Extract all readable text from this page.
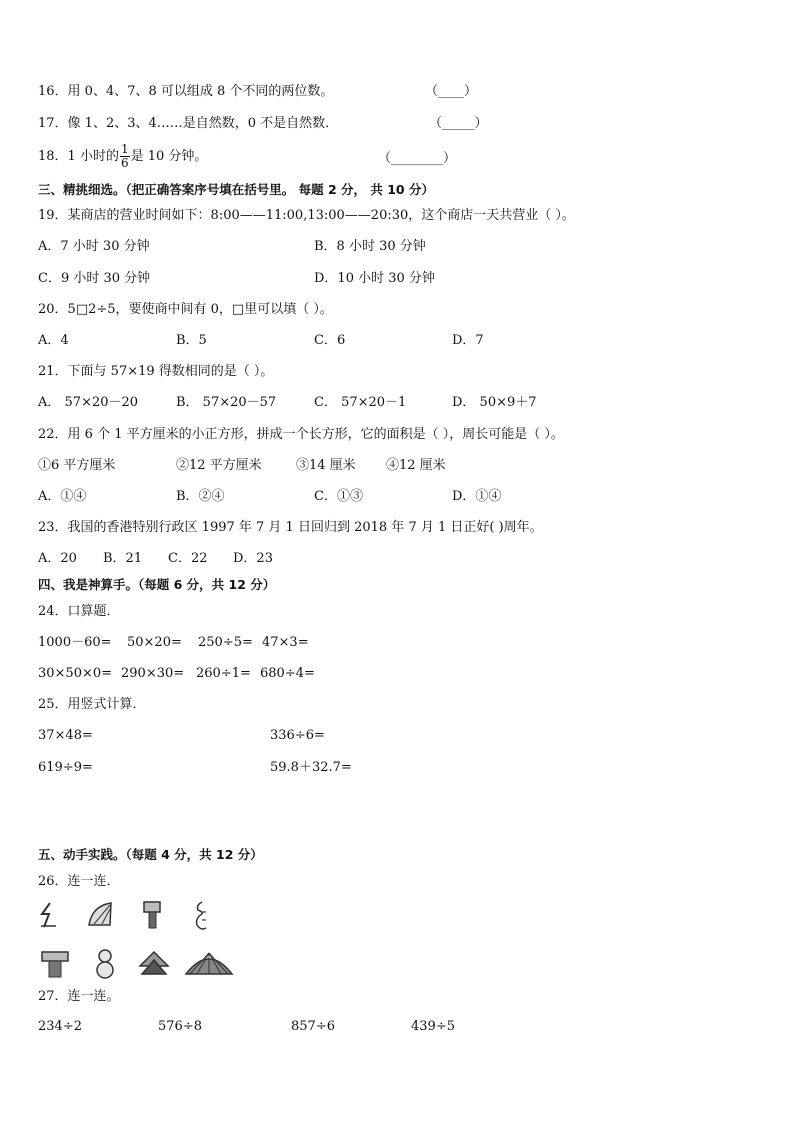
16．用 0、4、7、8 可以组成 8 个不同的两位数。	（____）
17．像 1、2、3、4……是自然数，0 不是自然数．	（_____）
18．1 小时的 $\frac{1}{6}$ 是 10 分钟。	（________）
三、精挑细选。（把正确答案序号填在括号里。 每题 2 分， 共 10 分）
19．某商店的营业时间如下：8:00——11:00,13:00——20:30，这个商店一天共营业（ ）。
A．7 小时 30 分钟	B．8 小时 30 分钟
C．9 小时 30 分钟	D．10 小时 30 分钟
20．5□2÷5，要使商中间有 0，□里可以填（ ）。
A．4	B．5	C．6	D．7
21．下面与 57×19 得数相同的是（ ）。
A． 57×20－20	B． 57×20－57	C． 57×20－1	D． 50×9＋7
22．用 6 个 1 平方厘米的小正方形，拼成一个长方形，它的面积是（ ），周长可能是（ ）。
①6 平方厘米	②12 平方厘米	③14 厘米 ④12 厘米
A．①④	B．②④	C．①③	D．①④
23．我国的香港特别行政区 1997 年 7 月 1 日回归到 2018 年 7 月 1 日正好( )周年。
A．20 B．21 C．22 D．23
四、我是神算手。（每题 6 分，共 12 分）
24．口算题．
1000－60= 50×20= 250÷5= 47×3=
30×50×0= 290×30= 260÷1= 680÷4=
25．用竖式计算．
37×48=	336÷6=
619÷9=	59.8＋32.7=
五、动手实践。（每题 4 分，共 12 分）
26．连一连．
27．连一连。
234÷2	576÷8	857÷6	439÷5
